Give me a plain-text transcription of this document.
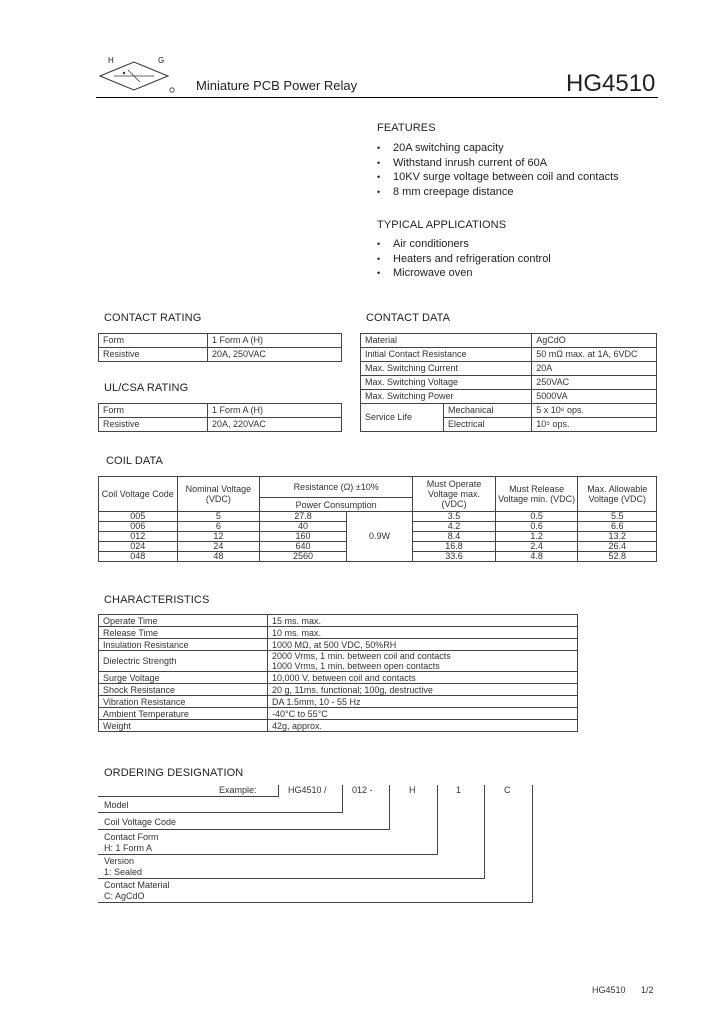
H	G
Miniature PCB Power Relay	HG4510
FEATURES
•	20A switching capacity
•	Withstand inrush current of 60A
•	10KV surge voltage between coil and contacts
•	8 mm creepage distance
TYPICAL APPLICATIONS
•	Air conditioners
•	Heaters and refrigeration control
•	Microwave oven
CONTACT RATING
Form	1 Form A (H)
Resistive	20A, 250VAC
UL/CSA RATING
Form	1 Form A (H)
Resistive	20A, 220VAC
CONTACT DATA
Material		AgCdO
Initial Contact Resistance		50 mΩ max. at 1A, 6VDC
Max. Switching Current		20A
Max. Switching Voltage		250VAC
Max. Switching Power		5000VA
Service Life	Mechanical	5 x 10⁶ ops.
	Electrical	10⁵ ops.
COIL DATA
Coil Voltage Code	Nominal Voltage (VDC)	Resistance (Ω) ±10%		Must Operate Voltage max. (VDC)	Must Release Voltage min. (VDC)	Max. Allowable Voltage (VDC)
		Power Consumption				
005	5	27.8	0.9W	3.5	0.5	5.5
006	6	40		4.2	0.6	6.6
012	12	160		8.4	1.2	13.2
024	24	640		16.8	2.4	26.4
048	48	2560		33.6	4.8	52.8
CHARACTERISTICS
Operate Time	15 ms. max.
Release Time	10 ms. max.
Insulation Resistance	1000 MΩ, at 500 VDC, 50%RH
Dielectric Strength	2000 Vrms, 1 min. between coil and contacts
1000 Vrms, 1 min. between open contacts
Surge Voltage	10,000 V. between coil and contacts
Shock Resistance	20 g, 11ms. functional; 100g, destructive
Vibration Resistance	DA 1.5mm, 10 - 55 Hz
Ambient Temperature	-40°C to 55°C
Weight	42g, approx.
ORDERING DESIGNATION
Example:	HG4510 /	012 -	H	1	C
Model
Coil Voltage Code
Contact Form
H: 1 Form A
Version
1: Sealed
Contact Material
C: AgCdO
HG4510 1/2
